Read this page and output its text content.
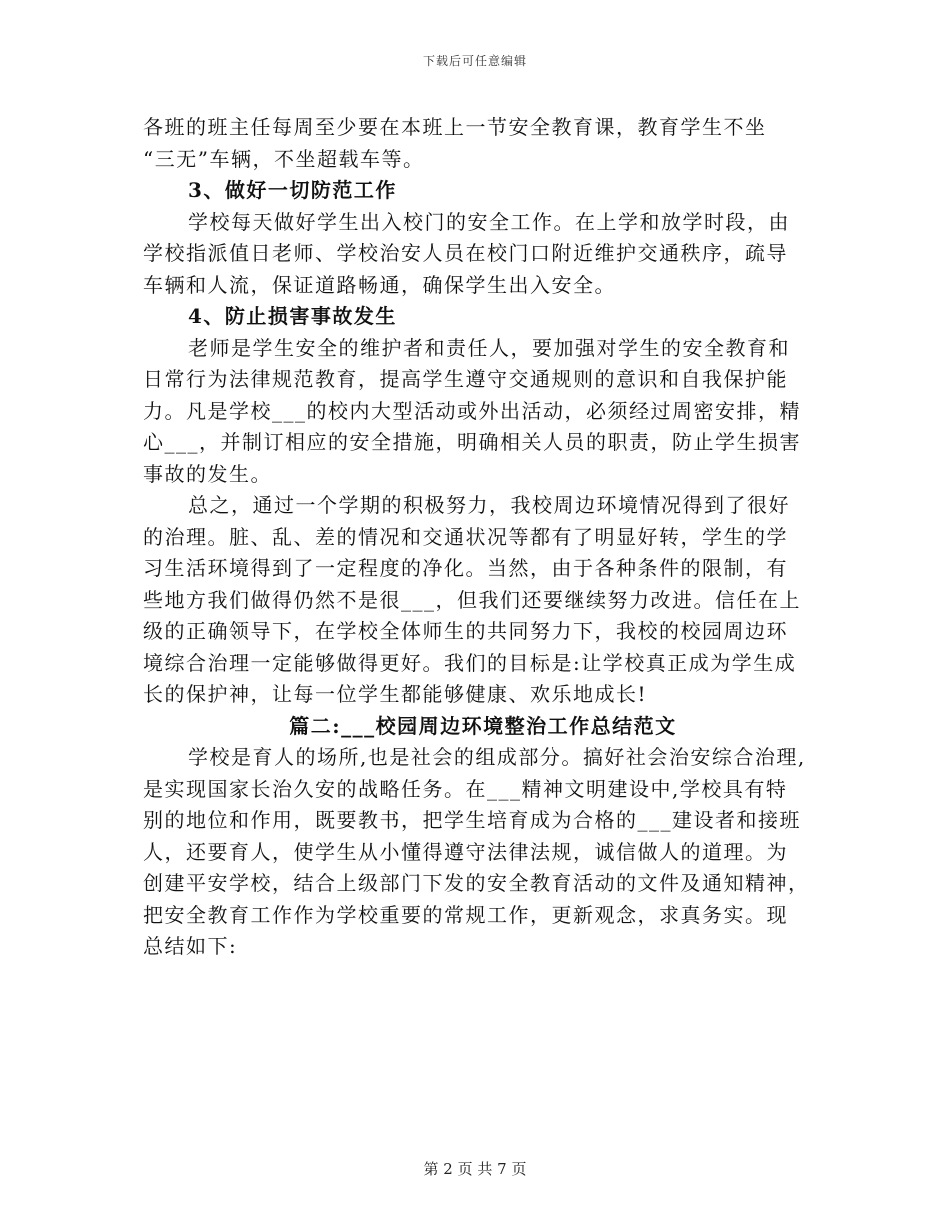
下载后可任意编辑
各班的班主任每周至少要在本班上一节安全教育课，教育学生不坐
“三无”车辆，不坐超载车等。
3、做好一切防范工作
学校每天做好学生出入校门的安全工作。在上学和放学时段，由
学校指派值日老师、学校治安人员在校门口附近维护交通秩序，疏导
车辆和人流，保证道路畅通，确保学生出入安全。
4、防止损害事故发生
老师是学生安全的维护者和责任人，要加强对学生的安全教育和
日常行为法律规范教育，提高学生遵守交通规则的意识和自我保护能
力。凡是学校___的校内大型活动或外出活动，必须经过周密安排，精
心___，并制订相应的安全措施，明确相关人员的职责，防止学生损害
事故的发生。
总之，通过一个学期的积极努力，我校周边环境情况得到了很好
的治理。脏、乱、差的情况和交通状况等都有了明显好转，学生的学
习生活环境得到了一定程度的净化。当然，由于各种条件的限制，有
些地方我们做得仍然不是很___，但我们还要继续努力改进。信任在上
级的正确领导下，在学校全体师生的共同努力下，我校的校园周边环
境综合治理一定能够做得更好。我们的目标是:让学校真正成为学生成
长的保护神，让每一位学生都能够健康、欢乐地成长!
篇二:___校园周边环境整治工作总结范文
学校是育人的场所,也是社会的组成部分。搞好社会治安综合治理,
是实现国家长治久安的战略任务。在___精神文明建设中,学校具有特
别的地位和作用，既要教书，把学生培育成为合格的___建设者和接班
人，还要育人，使学生从小懂得遵守法律法规，诚信做人的道理。为
创建平安学校，结合上级部门下发的安全教育活动的文件及通知精神，
把安全教育工作作为学校重要的常规工作，更新观念，求真务实。现
总结如下:
第 2 页 共 7 页
